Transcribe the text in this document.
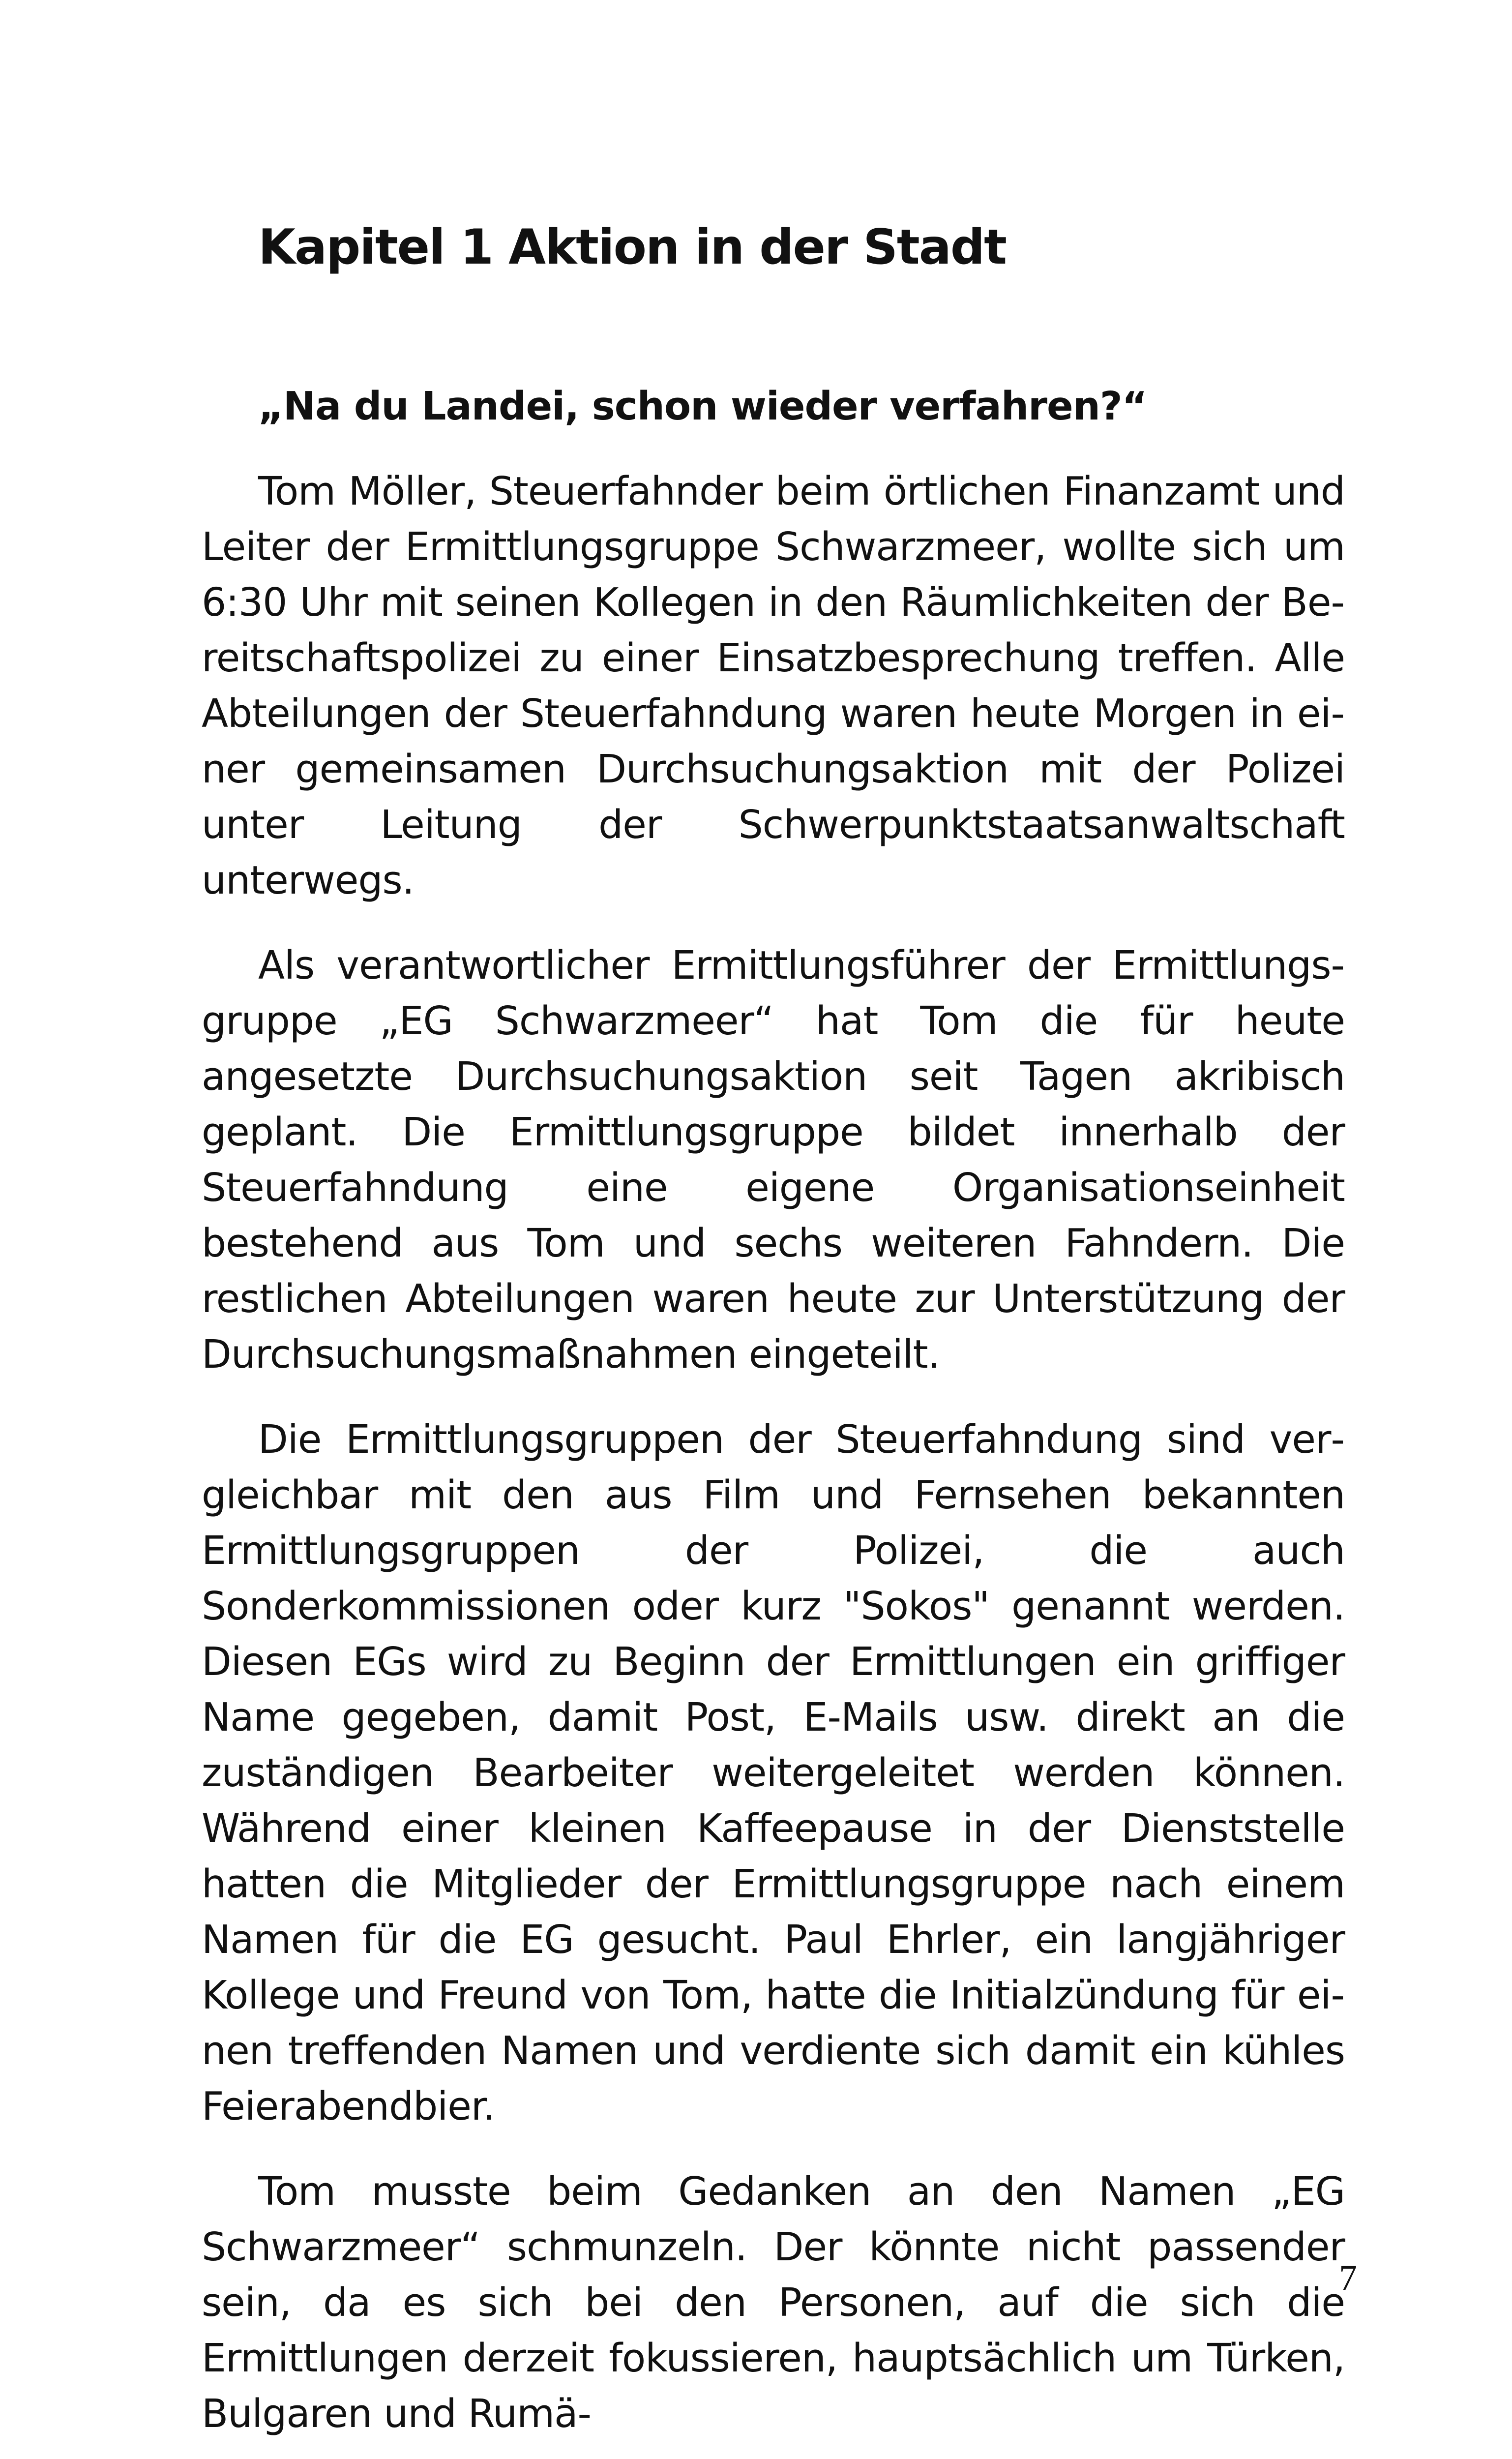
Kapitel 1 Aktion in der Stadt

„Na du Landei, schon wieder verfahren?“

Tom Möller, Steuerfahnder beim örtlichen Finanzamt und Leiter der Ermittlungsgruppe Schwarzmeer, wollte sich um 6:30 Uhr mit seinen Kollegen in den Räumlichkeiten der Bereitschaftspolizei zu einer Einsatzbesprechung treffen. Alle Abteilungen der Steuerfahndung waren heute Morgen in einer gemeinsamen Durchsuchungsaktion mit der Polizei unter Leitung der Schwerpunktstaatsanwaltschaft unterwegs.

Als verantwortlicher Ermittlungsführer der Ermittlungsgruppe „EG Schwarzmeer“ hat Tom die für heute angesetzte Durchsuchungsaktion seit Tagen akribisch geplant. Die Ermittlungsgruppe bildet innerhalb der Steuerfahndung eine eigene Organisationseinheit bestehend aus Tom und sechs weiteren Fahndern. Die restlichen Abteilungen waren heute zur Unterstützung der Durchsuchungsmaßnahmen eingeteilt.

Die Ermittlungsgruppen der Steuerfahndung sind vergleichbar mit den aus Film und Fernsehen bekannten Ermittlungsgruppen der Polizei, die auch Sonderkommissionen oder kurz "Sokos" genannt werden. Diesen EGs wird zu Beginn der Ermittlungen ein griffiger Name gegeben, damit Post, E-Mails usw. direkt an die zuständigen Bearbeiter weitergeleitet werden können. Während einer kleinen Kaffeepause in der Dienststelle hatten die Mitglieder der Ermittlungsgruppe nach einem Namen für die EG gesucht. Paul Ehrler, ein langjähriger Kollege und Freund von Tom, hatte die Initialzündung für einen treffenden Namen und verdiente sich damit ein kühles Feierabendbier.

Tom musste beim Gedanken an den Namen „EG Schwarzmeer“ schmunzeln. Der könnte nicht passender sein, da es sich bei den Personen, auf die sich die Ermittlungen derzeit fokussieren, hauptsächlich um Türken, Bulgaren und Rumä-

7
